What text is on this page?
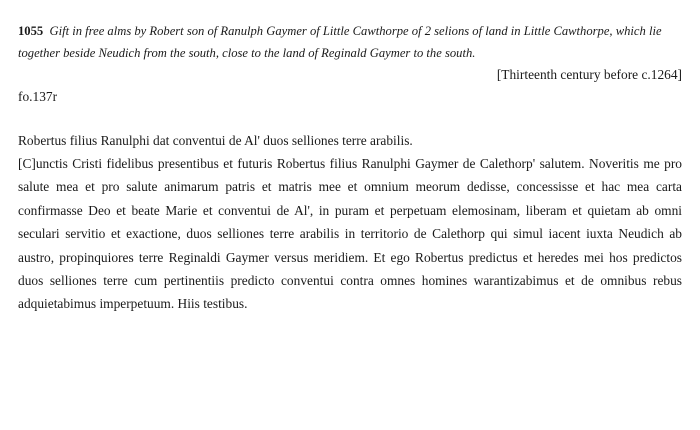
1055 Gift in free alms by Robert son of Ranulph Gaymer of Little Cawthorpe of 2 selions of land in Little Cawthorpe, which lie together beside Neudich from the south, close to the land of Reginald Gaymer to the south.

[Thirteenth century before c.1264]

fo.137r

Robertus filius Ranulphi dat conventui de Al' duos selliones terre arabilis.

[C]unctis Cristi fidelibus presentibus et futuris Robertus filius Ranulphi Gaymer de Calethorp' salutem. Noveritis me pro salute mea et pro salute animarum patris et matris mee et omnium meorum dedisse, concessisse et hac mea carta confirmasse Deo et beate Marie et conventui de Al', in puram et perpetuam elemosinam, liberam et quietam ab omni seculari servitio et exactione, duos selliones terre arabilis in territorio de Calethorp qui simul iacent iuxta Neudich ab austro, propinquiores terre Reginaldi Gaymer versus meridiem. Et ego Robertus predictus et heredes mei hos predictos duos selliones terre cum pertinentiis predicto conventui contra omnes homines warantizabimus et de omnibus rebus adquietabimus imperpetuum. Hiis testibus.
